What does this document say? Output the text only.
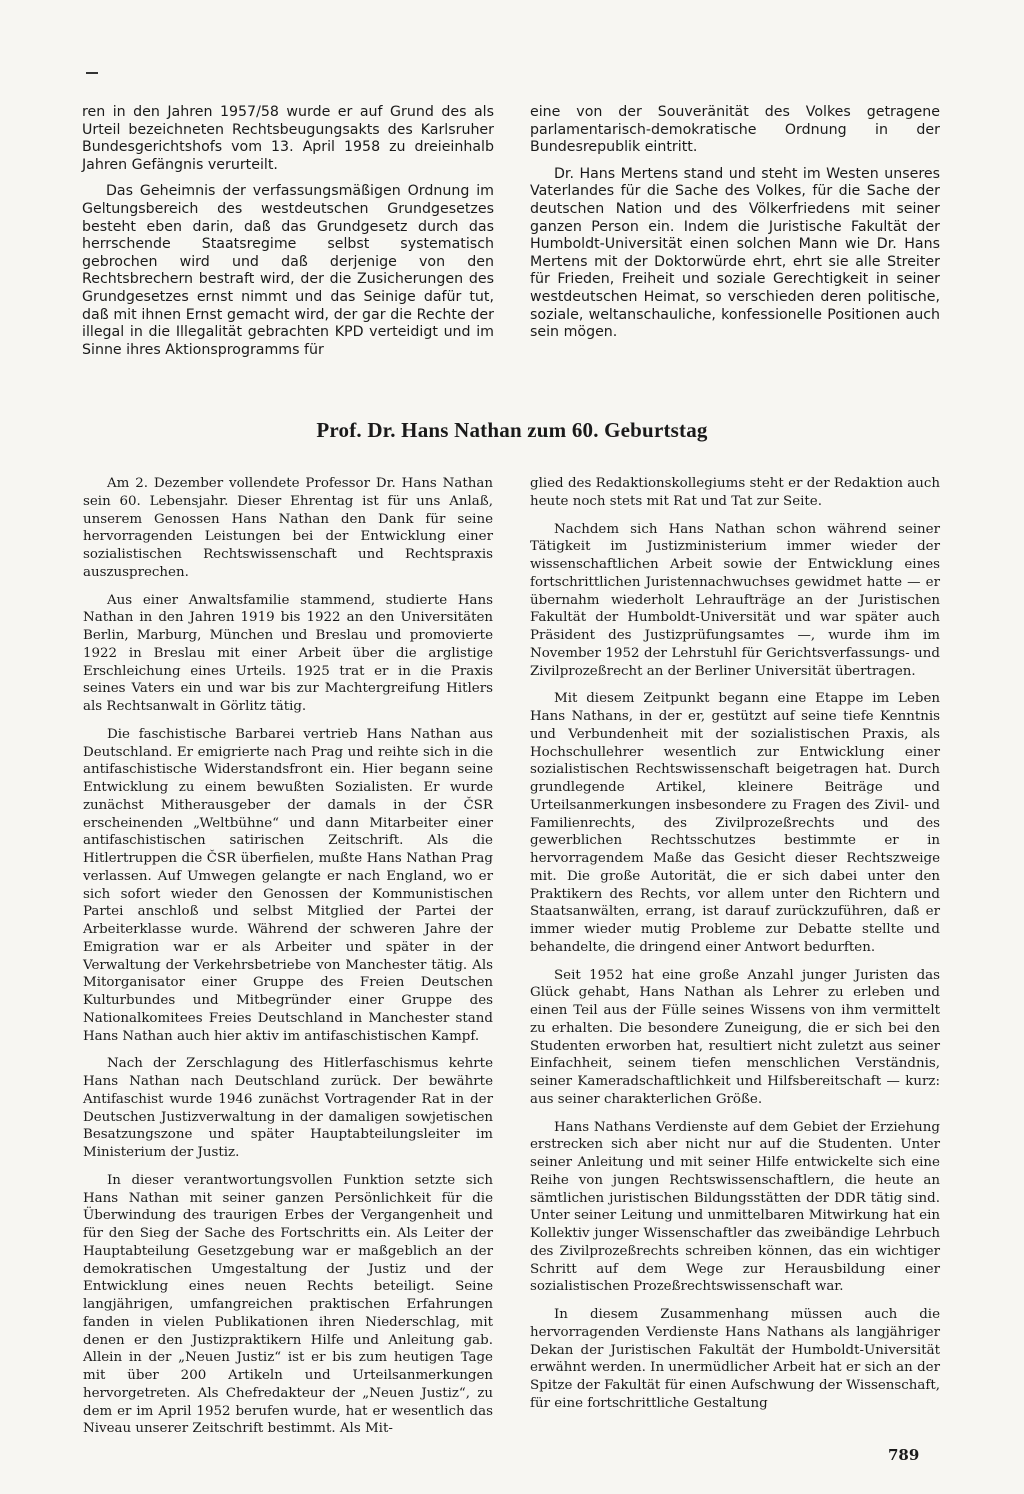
ren in den Jahren 1957/58 wurde er auf Grund des als Urteil bezeichneten Rechtsbeugungsakts des Karlsruher Bundesgerichtshofs vom 13. April 1958 zu dreieinhalb Jahren Gefängnis verurteilt.

Das Geheimnis der verfassungsmäßigen Ordnung im Geltungsbereich des westdeutschen Grundgesetzes besteht eben darin, daß das Grundgesetz durch das herrschende Staatsregime selbst systematisch gebrochen wird und daß derjenige von den Rechtsbrechern bestraft wird, der die Zusicherungen des Grundgesetzes ernst nimmt und das Seinige dafür tut, daß mit ihnen Ernst gemacht wird, der gar die Rechte der illegal in die Illegalität gebrachten KPD verteidigt und im Sinne ihres Aktionsprogramms für

eine von der Souveränität des Volkes getragene parlamentarisch-demokratische Ordnung in der Bundesrepublik eintritt.

Dr. Hans Mertens stand und steht im Westen unseres Vaterlandes für die Sache des Volkes, für die Sache der deutschen Nation und des Völkerfriedens mit seiner ganzen Person ein. Indem die Juristische Fakultät der Humboldt-Universität einen solchen Mann wie Dr. Hans Mertens mit der Doktorwürde ehrt, ehrt sie alle Streiter für Frieden, Freiheit und soziale Gerechtigkeit in seiner westdeutschen Heimat, so verschieden deren politische, soziale, weltanschauliche, konfessionelle Positionen auch sein mögen.

Prof. Dr. Hans Nathan zum 60. Geburtstag

Am 2. Dezember vollendete Professor Dr. Hans Nathan sein 60. Lebensjahr. Dieser Ehrentag ist für uns Anlaß, unserem Genossen Hans Nathan den Dank für seine hervorragenden Leistungen bei der Entwicklung einer sozialistischen Rechtswissenschaft und Rechtspraxis auszusprechen.

Aus einer Anwaltsfamilie stammend, studierte Hans Nathan in den Jahren 1919 bis 1922 an den Universitäten Berlin, Marburg, München und Breslau und promovierte 1922 in Breslau mit einer Arbeit über die arglistige Erschleichung eines Urteils. 1925 trat er in die Praxis seines Vaters ein und war bis zur Machtergreifung Hitlers als Rechtsanwalt in Görlitz tätig.

Die faschistische Barbarei vertrieb Hans Nathan aus Deutschland. Er emigrierte nach Prag und reihte sich in die antifaschistische Widerstandsfront ein. Hier begann seine Entwicklung zu einem bewußten Sozialisten. Er wurde zunächst Mitherausgeber der damals in der ČSR erscheinenden „Weltbühne“ und dann Mitarbeiter einer antifaschistischen satirischen Zeitschrift. Als die Hitlertruppen die ČSR überfielen, mußte Hans Nathan Prag verlassen. Auf Umwegen gelangte er nach England, wo er sich sofort wieder den Genossen der Kommunistischen Partei anschloß und selbst Mitglied der Partei der Arbeiterklasse wurde. Während der schweren Jahre der Emigration war er als Arbeiter und später in der Verwaltung der Verkehrsbetriebe von Manchester tätig. Als Mitorganisator einer Gruppe des Freien Deutschen Kulturbundes und Mitbegründer einer Gruppe des Nationalkomitees Freies Deutschland in Manchester stand Hans Nathan auch hier aktiv im antifaschistischen Kampf.

Nach der Zerschlagung des Hitlerfaschismus kehrte Hans Nathan nach Deutschland zurück. Der bewährte Antifaschist wurde 1946 zunächst Vortragender Rat in der Deutschen Justizverwaltung in der damaligen sowjetischen Besatzungszone und später Hauptabteilungsleiter im Ministerium der Justiz.

In dieser verantwortungsvollen Funktion setzte sich Hans Nathan mit seiner ganzen Persönlichkeit für die Überwindung des traurigen Erbes der Vergangenheit und für den Sieg der Sache des Fortschritts ein. Als Leiter der Hauptabteilung Gesetzgebung war er maßgeblich an der demokratischen Umgestaltung der Justiz und der Entwicklung eines neuen Rechts beteiligt. Seine langjährigen, umfangreichen praktischen Erfahrungen fanden in vielen Publikationen ihren Niederschlag, mit denen er den Justizpraktikern Hilfe und Anleitung gab. Allein in der „Neuen Justiz“ ist er bis zum heutigen Tage mit über 200 Artikeln und Urteilsanmerkungen hervorgetreten. Als Chefredakteur der „Neuen Justiz“, zu dem er im April 1952 berufen wurde, hat er wesentlich das Niveau unserer Zeitschrift bestimmt. Als Mit-

glied des Redaktionskollegiums steht er der Redaktion auch heute noch stets mit Rat und Tat zur Seite.

Nachdem sich Hans Nathan schon während seiner Tätigkeit im Justizministerium immer wieder der wissenschaftlichen Arbeit sowie der Entwicklung eines fortschrittlichen Juristennachwuchses gewidmet hatte — er übernahm wiederholt Lehraufträge an der Juristischen Fakultät der Humboldt-Universität und war später auch Präsident des Justizprüfungsamtes —, wurde ihm im November 1952 der Lehrstuhl für Gerichtsverfassungs- und Zivilprozeßrecht an der Berliner Universität übertragen.

Mit diesem Zeitpunkt begann eine Etappe im Leben Hans Nathans, in der er, gestützt auf seine tiefe Kenntnis und Verbundenheit mit der sozialistischen Praxis, als Hochschullehrer wesentlich zur Entwicklung einer sozialistischen Rechtswissenschaft beigetragen hat. Durch grundlegende Artikel, kleinere Beiträge und Urteilsanmerkungen insbesondere zu Fragen des Zivil- und Familienrechts, des Zivilprozeßrechts und des gewerblichen Rechtsschutzes bestimmte er in hervorragendem Maße das Gesicht dieser Rechtszweige mit. Die große Autorität, die er sich dabei unter den Praktikern des Rechts, vor allem unter den Richtern und Staatsanwälten, errang, ist darauf zurückzuführen, daß er immer wieder mutig Probleme zur Debatte stellte und behandelte, die dringend einer Antwort bedurften.

Seit 1952 hat eine große Anzahl junger Juristen das Glück gehabt, Hans Nathan als Lehrer zu erleben und einen Teil aus der Fülle seines Wissens von ihm vermittelt zu erhalten. Die besondere Zuneigung, die er sich bei den Studenten erworben hat, resultiert nicht zuletzt aus seiner Einfachheit, seinem tiefen menschlichen Verständnis, seiner Kameradschaftlichkeit und Hilfsbereitschaft — kurz: aus seiner charakterlichen Größe.

Hans Nathans Verdienste auf dem Gebiet der Erziehung erstrecken sich aber nicht nur auf die Studenten. Unter seiner Anleitung und mit seiner Hilfe entwickelte sich eine Reihe von jungen Rechtswissenschaftlern, die heute an sämtlichen juristischen Bildungsstätten der DDR tätig sind. Unter seiner Leitung und unmittelbaren Mitwirkung hat ein Kollektiv junger Wissenschaftler das zweibändige Lehrbuch des Zivilprozeßrechts schreiben können, das ein wichtiger Schritt auf dem Wege zur Herausbildung einer sozialistischen Prozeßrechtswissenschaft war.

In diesem Zusammenhang müssen auch die hervorragenden Verdienste Hans Nathans als langjähriger Dekan der Juristischen Fakultät der Humboldt-Universität erwähnt werden. In unermüdlicher Arbeit hat er sich an der Spitze der Fakultät für einen Aufschwung der Wissenschaft, für eine fortschrittliche Gestaltung

789
